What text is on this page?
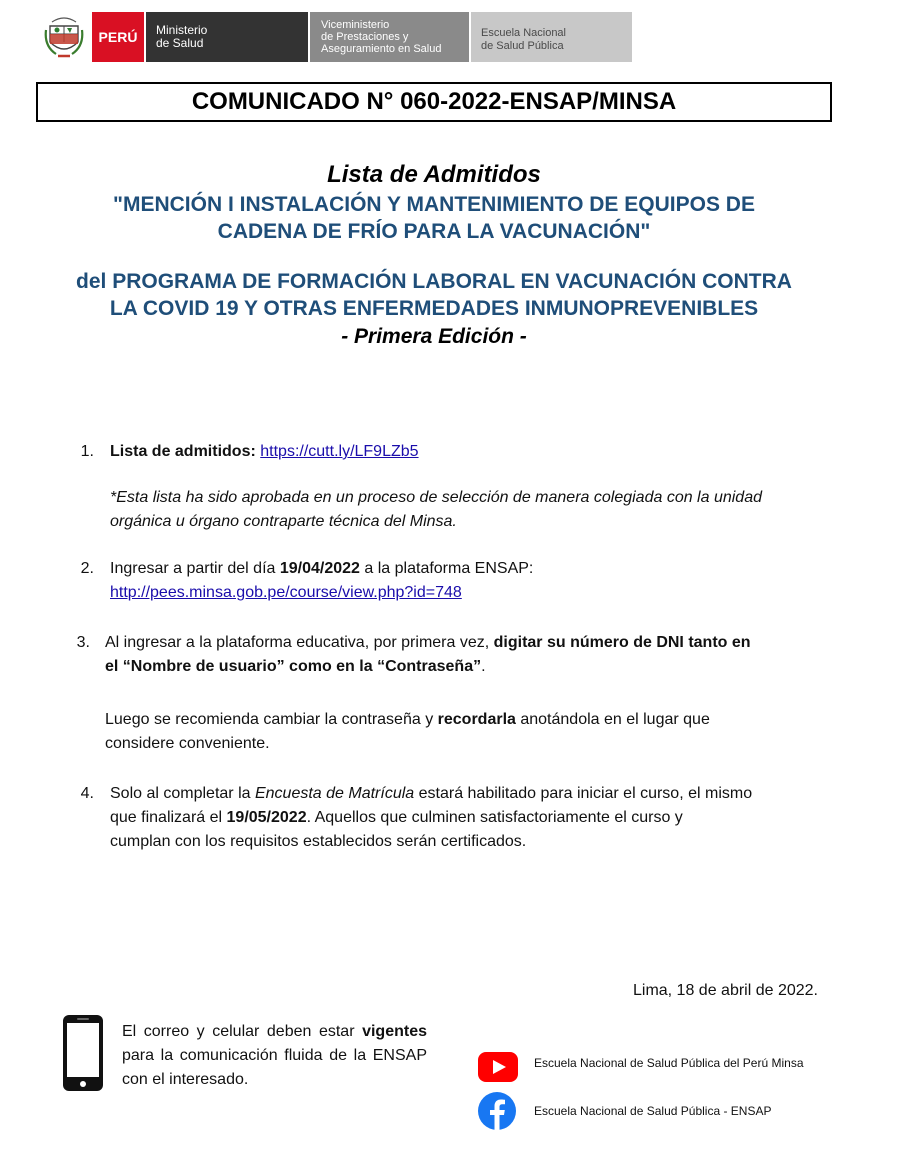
PERÚ Ministerio
de Salud
Viceministerio
de Prestaciones y
Aseguramiento en Salud
Escuela Nacional
de Salud Pública
COMUNICADO N° 060-2022-ENSAP/MINSA
Lista de Admitidos
"MENCIÓN I INSTALACIÓN Y MANTENIMIENTO DE EQUIPOS DE
CADENA DE FRÍO PARA LA VACUNACIÓN"
del PROGRAMA DE FORMACIÓN LABORAL EN VACUNACIÓN CONTRA
LA COVID 19 Y OTRAS ENFERMEDADES INMUNOPREVENIBLES
- Primera Edición -
1. Lista de admitidos: https://cutt.ly/LF9LZb5
*Esta lista ha sido aprobada en un proceso de selección de manera colegiada con la unidad
orgánica u órgano contraparte técnica del Minsa.
2. Ingresar a partir del día 19/04/2022 a la plataforma ENSAP:
http://pees.minsa.gob.pe/course/view.php?id=748
3. Al ingresar a la plataforma educativa, por primera vez, digitar su número de DNI tanto en
el “Nombre de usuario” como en la “Contraseña”.
Luego se recomienda cambiar la contraseña y recordarla anotándola en el lugar que
considere conveniente.
4. Solo al completar la Encuesta de Matrícula estará habilitado para iniciar el curso, el mismo
que finalizará el 19/05/2022. Aquellos que culminen satisfactoriamente el curso y
cumplan con los requisitos establecidos serán certificados.
Lima, 18 de abril de 2022.
El correo y celular deben estar vigentes para la comunicación fluida de la ENSAP con el interesado.
Escuela Nacional de Salud Pública del Perú Minsa
Escuela Nacional de Salud Pública - ENSAP
